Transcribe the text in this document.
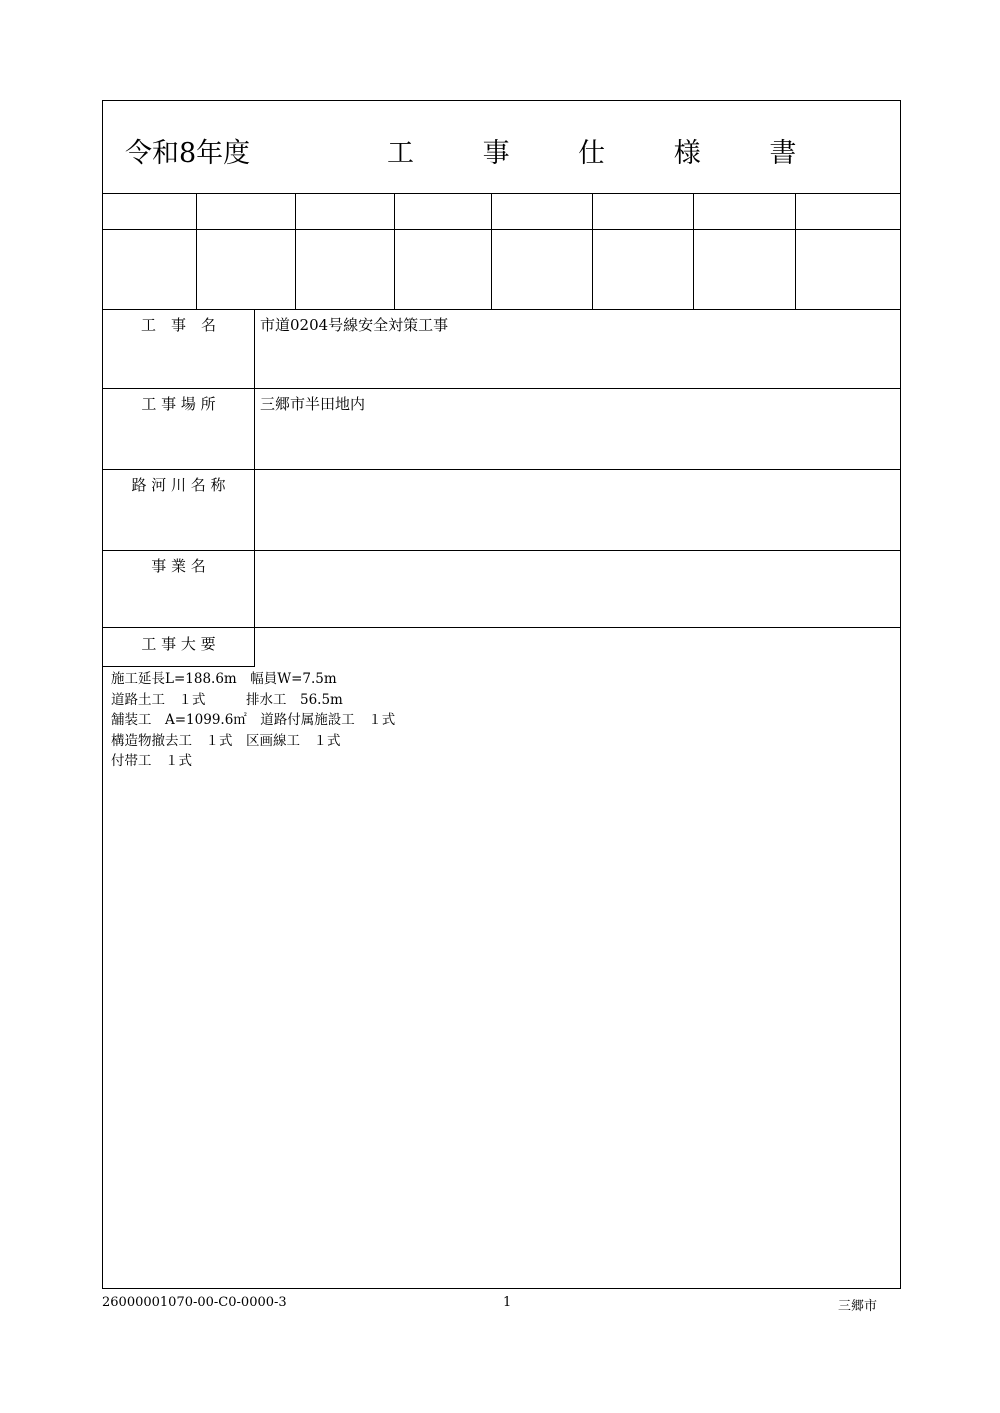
令和8年度	工 事 仕 様 書
工　事　名	市道0204号線安全対策工事
工 事 場 所	三郷市半田地内
路 河 川 名 称
事 業 名
工 事 大 要
施工延長L=188.6m　幅員W=7.5m
道路土工　１式　　　排水工　56.5m
舗装工　A=1099.6㎡　道路付属施設工　１式
構造物撤去工　１式　区画線工　１式
付帯工　１式
26000001070-00-C0-0000-3	1	三郷市
